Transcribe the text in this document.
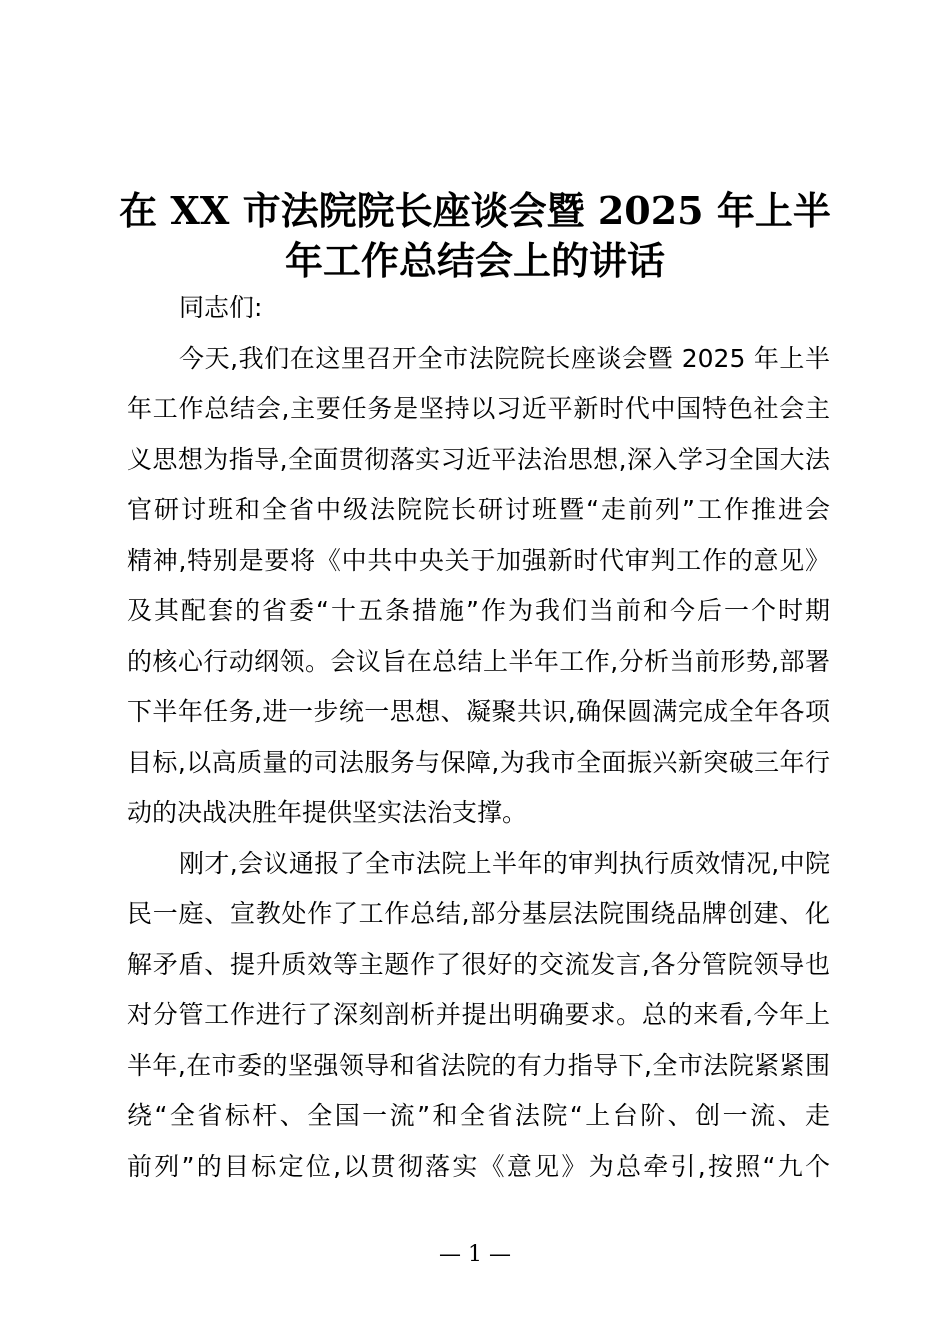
在 XX 市法院院长座谈会暨 2025 年上半
年工作总结会上的讲话

同志们:

今天,我们在这里召开全市法院院长座谈会暨 2025 年上半
年工作总结会,主要任务是坚持以习近平新时代中国特色社会主
义思想为指导,全面贯彻落实习近平法治思想,深入学习全国大法
官研讨班和全省中级法院院长研讨班暨“走前列”工作推进会
精神,特别是要将《中共中央关于加强新时代审判工作的意见》
及其配套的省委“十五条措施”作为我们当前和今后一个时期
的核心行动纲领。会议旨在总结上半年工作,分析当前形势,部署
下半年任务,进一步统一思想、凝聚共识,确保圆满完成全年各项
目标,以高质量的司法服务与保障,为我市全面振兴新突破三年行
动的决战决胜年提供坚实法治支撑。

刚才,会议通报了全市法院上半年的审判执行质效情况,中院
民一庭、宣教处作了工作总结,部分基层法院围绕品牌创建、化
解矛盾、提升质效等主题作了很好的交流发言,各分管院领导也
对分管工作进行了深刻剖析并提出明确要求。总的来看,今年上
半年,在市委的坚强领导和省法院的有力指导下,全市法院紧紧围
绕“全省标杆、全国一流”和全省法院“上台阶、创一流、走
前列”的目标定位,以贯彻落实《意见》为总牵引,按照“九个

— 1 —
